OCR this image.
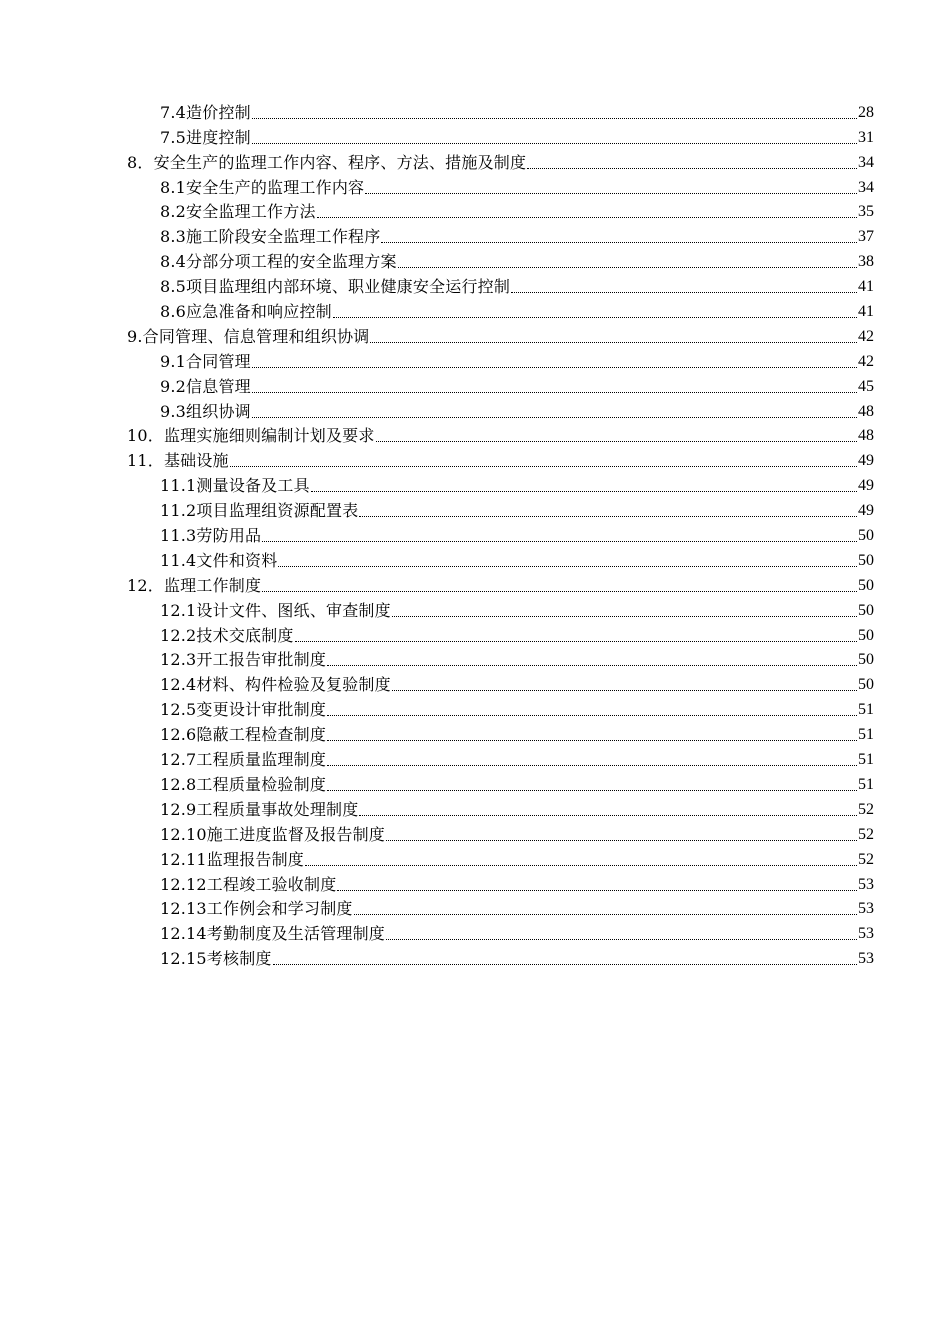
7.4造价控制	28
7.5进度控制	31
8．安全生产的监理工作内容、程序、方法、措施及制度	34
8.1安全生产的监理工作内容	34
8.2安全监理工作方法	35
8.3施工阶段安全监理工作程序	37
8.4分部分项工程的安全监理方案	38
8.5项目监理组内部环境、职业健康安全运行控制	41
8.6应急准备和响应控制	41
9.合同管理、信息管理和组织协调	42
9.1合同管理	42
9.2信息管理	45
9.3组织协调	48
10．监理实施细则编制计划及要求	48
11．基础设施	49
11.1测量设备及工具	49
11.2项目监理组资源配置表	49
11.3劳防用品	50
11.4文件和资料	50
12．监理工作制度	50
12.1设计文件、图纸、审查制度	50
12.2技术交底制度	50
12.3开工报告审批制度	50
12.4材料、构件检验及复验制度	50
12.5变更设计审批制度	51
12.6隐蔽工程检查制度	51
12.7工程质量监理制度	51
12.8工程质量检验制度	51
12.9工程质量事故处理制度	52
12.10施工进度监督及报告制度	52
12.11监理报告制度	52
12.12工程竣工验收制度	53
12.13工作例会和学习制度	53
12.14考勤制度及生活管理制度	53
12.15考核制度	53
